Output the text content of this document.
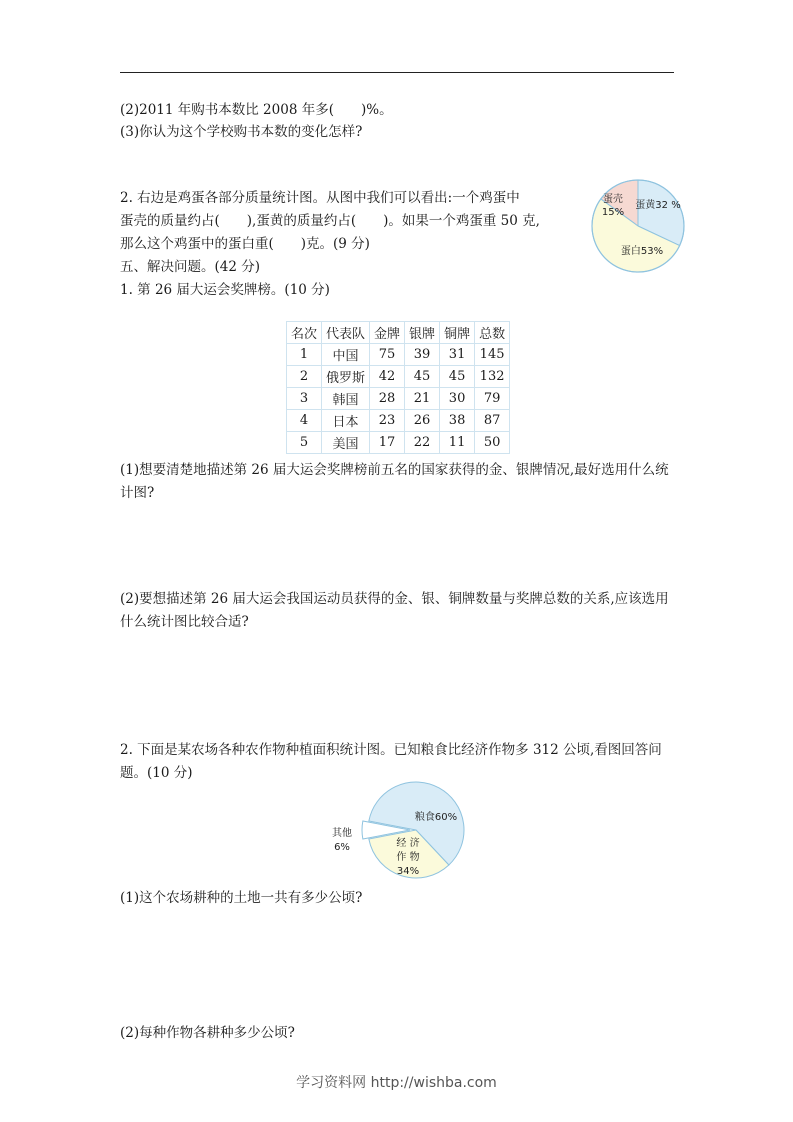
(2)2011 年购书本数比 2008 年多(　　)%。
(3)你认为这个学校购书本数的变化怎样?
2. 右边是鸡蛋各部分质量统计图。从图中我们可以看出:一个鸡蛋中
蛋壳的质量约占(　　),蛋黄的质量约占(　　)。如果一个鸡蛋重 50 克,
那么这个鸡蛋中的蛋白重(　　)克。(9 分)
蛋壳
15%
蛋黄32 %
蛋白53%
五、解决问题。(42 分)
1. 第 26 届大运会奖牌榜。(10 分)
名次	代表队	金牌	银牌	铜牌	总数
1	中国	75	39	31	145
2	俄罗斯	42	45	45	132
3	韩国	28	21	30	79
4	日本	23	26	38	87
5	美国	17	22	11	50
(1)想要清楚地描述第 26 届大运会奖牌榜前五名的国家获得的金、银牌情况,最好选用什么统
计图?
(2)要想描述第 26 届大运会我国运动员获得的金、银、铜牌数量与奖牌总数的关系,应该选用
什么统计图比较合适?
2. 下面是某农场各种农作物种植面积统计图。已知粮食比经济作物多 312 公顷,看图回答问
题。(10 分)
粮食60%
经 济
作 物
34%
其他
6%
(1)这个农场耕种的土地一共有多少公顷?
(2)每种作物各耕种多少公顷?
学习资料网 http://wishba.com
